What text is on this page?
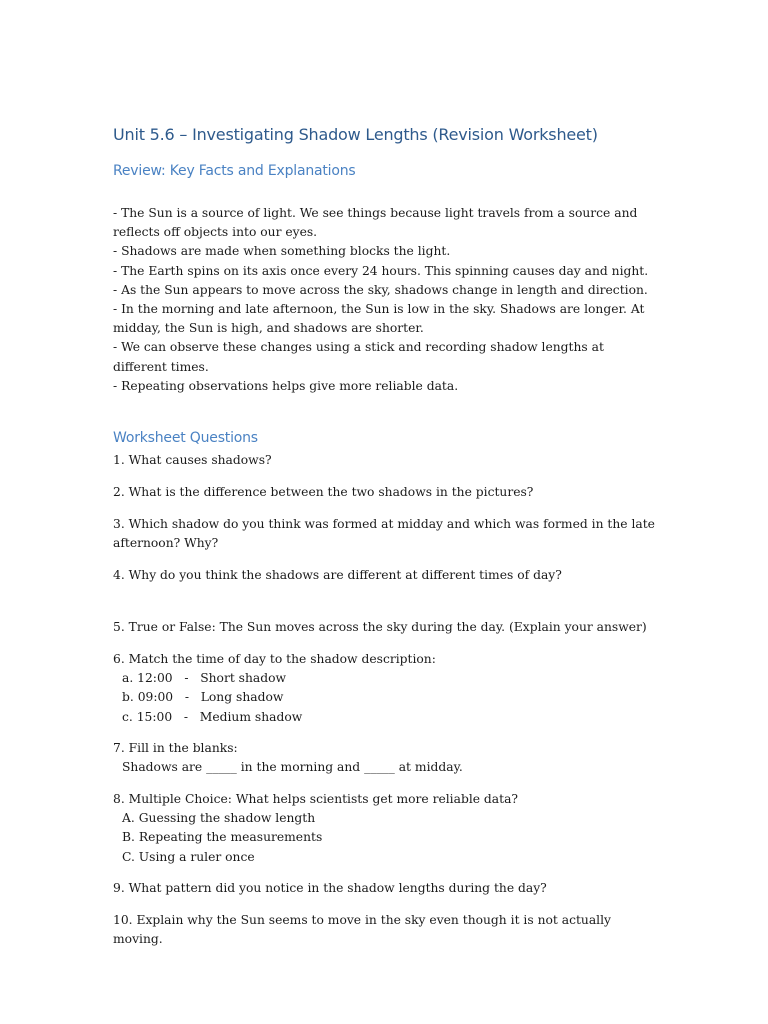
Unit 5.6 – Investigating Shadow Lengths (Revision Worksheet)
Review: Key Facts and Explanations
- The Sun is a source of light. We see things because light travels from a source and reflects off objects into our eyes.
- Shadows are made when something blocks the light.
- The Earth spins on its axis once every 24 hours. This spinning causes day and night.
- As the Sun appears to move across the sky, shadows change in length and direction.
- In the morning and late afternoon, the Sun is low in the sky. Shadows are longer. At midday, the Sun is high, and shadows are shorter.
- We can observe these changes using a stick and recording shadow lengths at different times.
- Repeating observations helps give more reliable data.
Worksheet Questions

1. What causes shadows?

2. What is the difference between the two shadows in the pictures?

3. Which shadow do you think was formed at midday and which was formed in the late afternoon? Why?

4. Why do you think the shadows are different at different times of day?

5. True or False: The Sun moves across the sky during the day. (Explain your answer)

6. Match the time of day to the shadow description:
a. 12:00   -   Short shadow
b. 09:00   -   Long shadow
c. 15:00   -   Medium shadow
7. Fill in the blanks:
Shadows are _____ in the morning and _____ at midday.
8. Multiple Choice: What helps scientists get more reliable data?
A. Guessing the shadow length
B. Repeating the measurements
C. Using a ruler once

9. What pattern did you notice in the shadow lengths during the day?

10. Explain why the Sun seems to move in the sky even though it is not actually moving.
